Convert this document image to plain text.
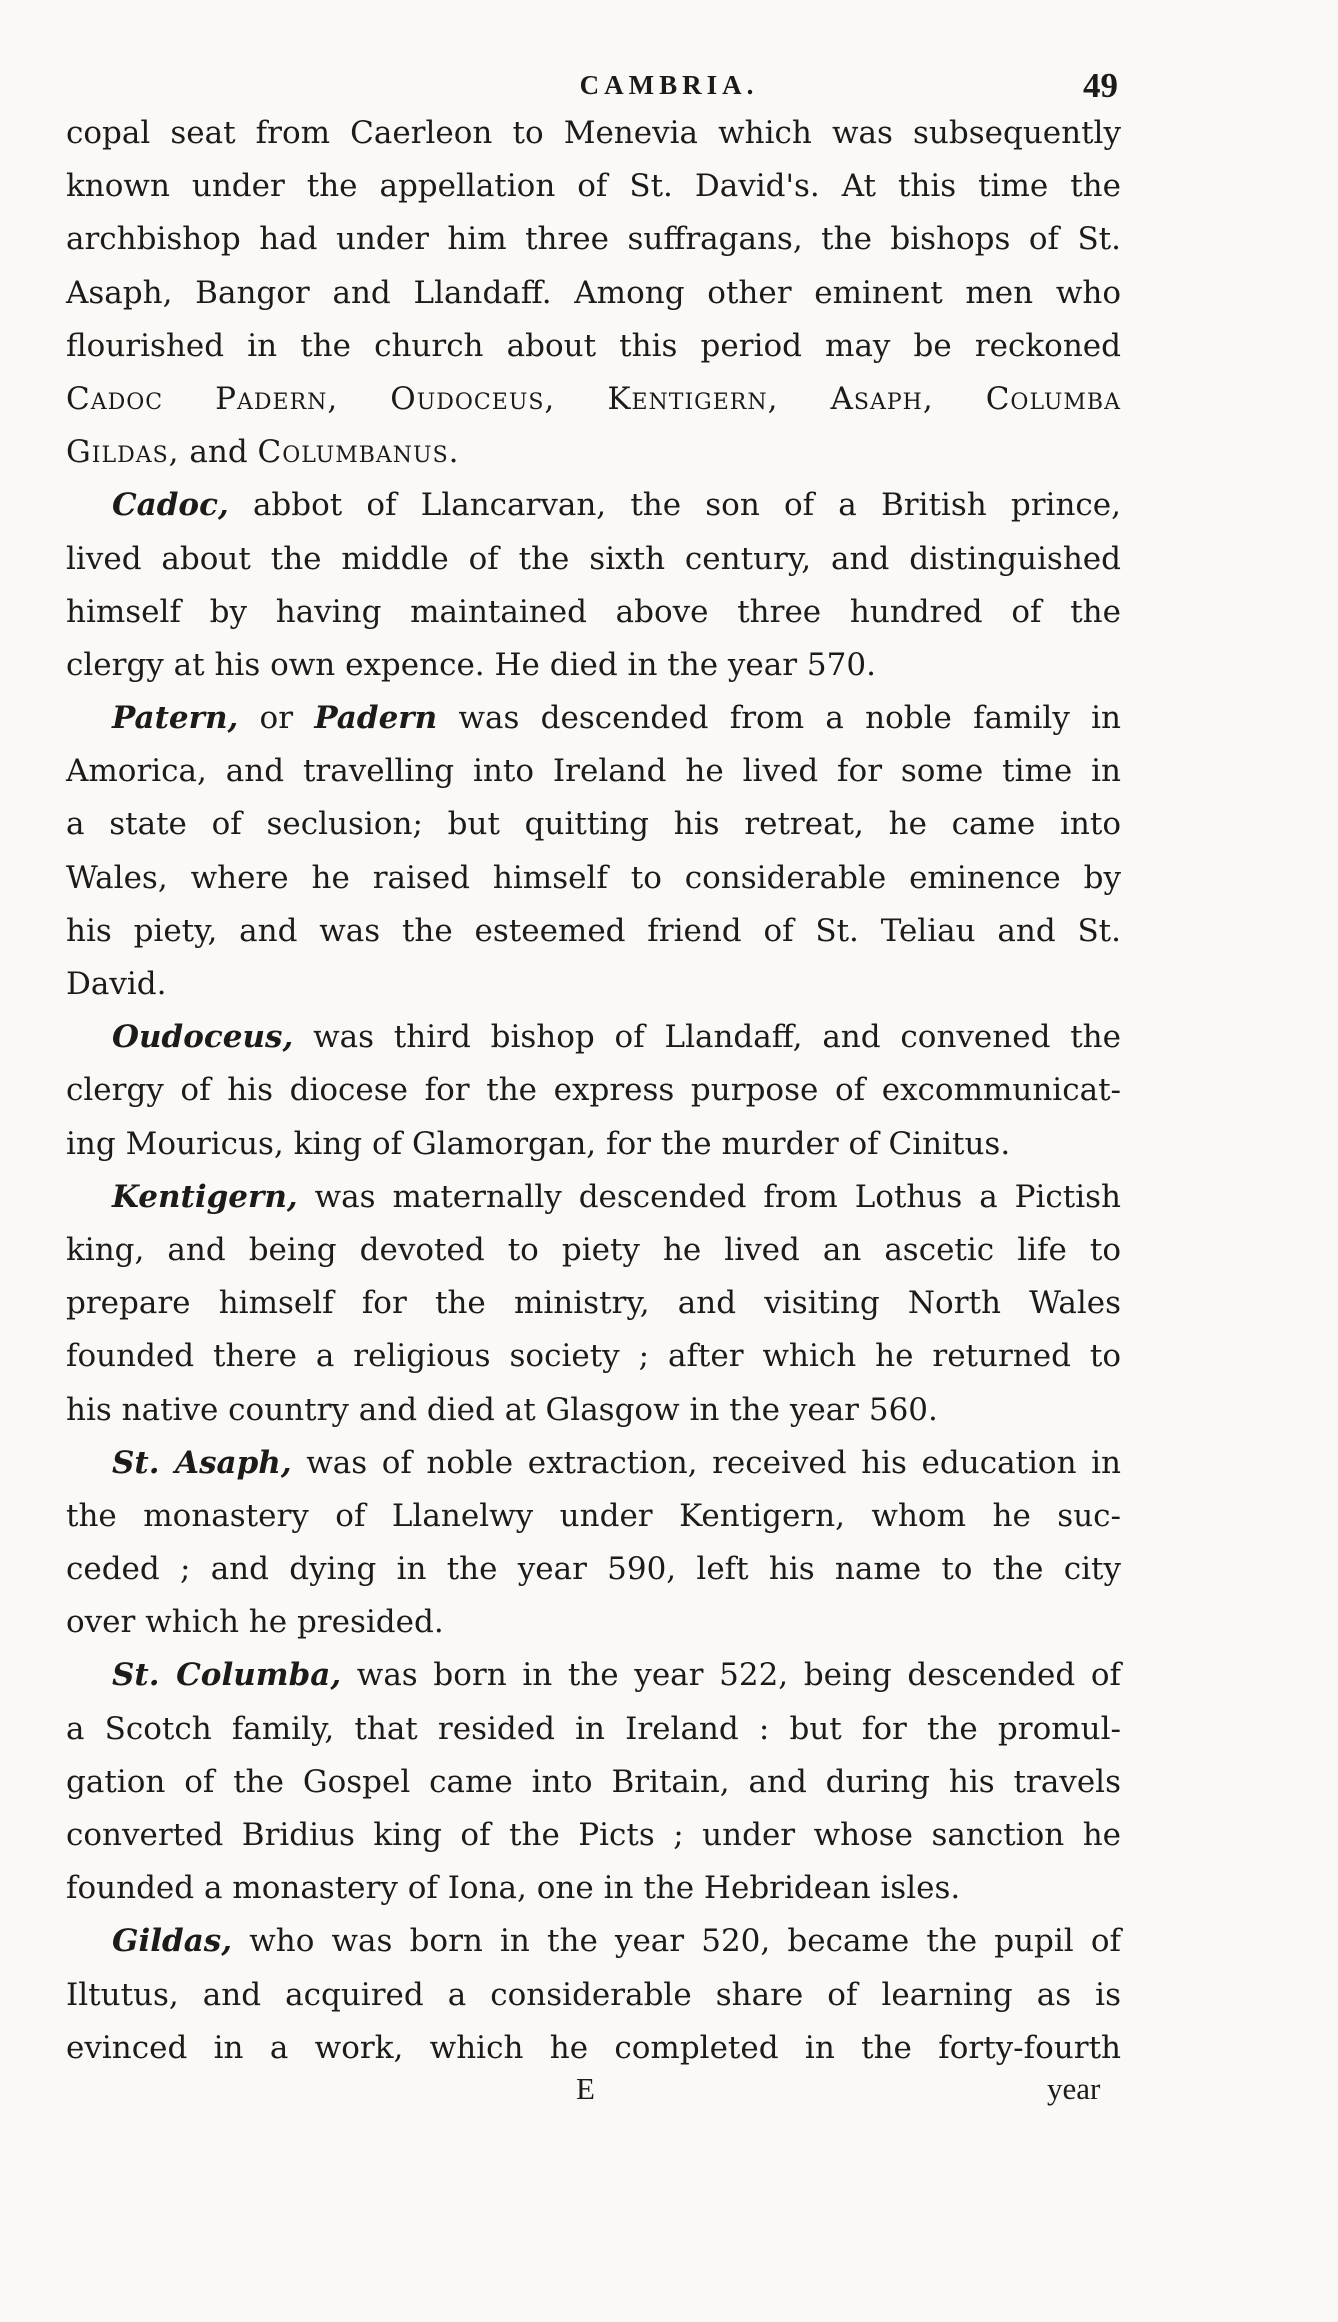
CAMBRIA.	49
copal seat from Caerleon to Menevia which was subsequently
known under the appellation of St. David's. At this time the
archbishop had under him three suffragans, the bishops of St.
Asaph, Bangor and Llandaff. Among other eminent men who
flourished in the church about this period may be reckoned
Cadoc Padern, Oudoceus, Kentigern, Asaph, Columba
Gildas, and Columbanus.
Cadoc, abbot of Llancarvan, the son of a British prince,
lived about the middle of the sixth century, and distinguished
himself by having maintained above three hundred of the
clergy at his own expence. He died in the year 570.
Patern, or Padern was descended from a noble family in
Amorica, and travelling into Ireland he lived for some time in
a state of seclusion; but quitting his retreat, he came into
Wales, where he raised himself to considerable eminence by
his piety, and was the esteemed friend of St. Teliau and St.
David.
Oudoceus, was third bishop of Llandaff, and convened the
clergy of his diocese for the express purpose of excommunicat-
ing Mouricus, king of Glamorgan, for the murder of Cinitus.
Kentigern, was maternally descended from Lothus a Pictish
king, and being devoted to piety he lived an ascetic life to
prepare himself for the ministry, and visiting North Wales
founded there a religious society ; after which he returned to
his native country and died at Glasgow in the year 560.
St. Asaph, was of noble extraction, received his education in
the monastery of Llanelwy under Kentigern, whom he suc-
ceded ; and dying in the year 590, left his name to the city
over which he presided.
St. Columba, was born in the year 522, being descended of
a Scotch family, that resided in Ireland : but for the promul-
gation of the Gospel came into Britain, and during his travels
converted Bridius king of the Picts ; under whose sanction he
founded a monastery of Iona, one in the Hebridean isles.
Gildas, who was born in the year 520, became the pupil of
Iltutus, and acquired a considerable share of learning as is
evinced in a work, which he completed in the forty-fourth
E	year
